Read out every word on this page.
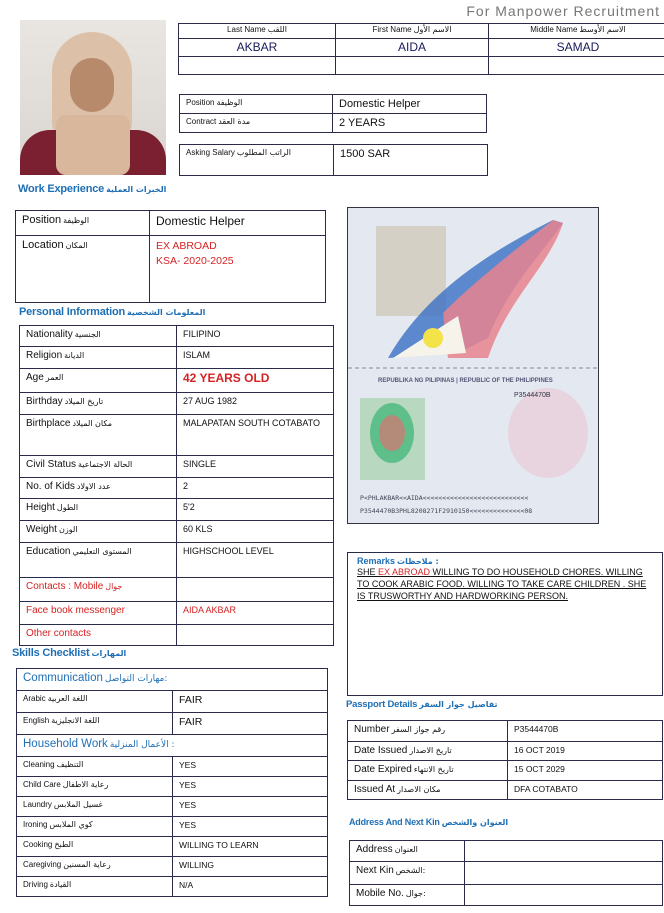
For Manpower Recruitment
Last Name اللقب	First Name الاسم الأول	Middle Name الاسم الأوسط
AKBAR	AIDA	SAMAD

Position الوظيفة	Domestic Helper
Contract مدة العقد	2 YEARS
Asking Salary الراتب المطلوب	1500 SAR
Work Experience الخبرات العملية
Position الوظيفة	Domestic Helper
Location المكان	EX ABROAD
KSA- 2020-2025
Personal Information المعلومات الشخصية
Nationality الجنسية	FILIPINO
Religion الديانة	ISLAM
Age العمر	42 YEARS OLD
Birthday تاريخ الميلاد	27 AUG 1982
Birthplace مكان الميلاد	MALAPATAN SOUTH COTABATO
Civil Status الحالة الاجتماعية	SINGLE
No. of Kids عدد الاولاد	2
Height الطول	5'2
Weight الوزن	60 KLS
Education المستوى التعليمي	HIGHSCHOOL LEVEL
Contacts : Mobile جوال	
Face book messenger	AIDA AKBAR
Other contacts	
Skills Checklist المهارات
Communication مهارات التواصل:	
Arabic اللغة العربية	FAIR
English اللغة الانجليزية	FAIR
Household Work الأعمال المنزلية :	
Cleaning التنظيف	YES
Child Care رعاية الاطفال	YES
Laundry غسيل الملابس	YES
Ironing كوي الملابس	YES
Cooking الطبخ	WILLING TO LEARN
Caregiving رعاية المسنين	WILLING
Driving القيادة	N/A
REPUBLIKA NG PILIPINAS | REPUBLIC OF THE PHILIPPINES
P3544470B
P<PHLAKBAR<<AIDA<<<<<<<<<<<<<<<<<<<<<<<<<<<
P3544470B3PHL8208271F2910150<<<<<<<<<<<<<<08
Remarks ملاحظات :
SHE EX ABROAD WILLING TO DO HOUSEHOLD CHORES. WILLING TO COOK ARABIC FOOD. WILLING TO TAKE CARE CHILDREN . SHE IS TRUSWORTHY AND HARDWORKING PERSON.
Passport Details تفاصيل جواز السفر
Number رقم جواز السفر	P3544470B
Date Issued تاريخ الاصدار	16 OCT 2019
Date Expired تاريخ الانتهاء	15 OCT 2029
Issued At مكان الاصدار	DFA COTABATO
Address And Next Kin العنوان والشخص
Address العنوان	
Next Kin الشخص:	
Mobile No. جوال:	
